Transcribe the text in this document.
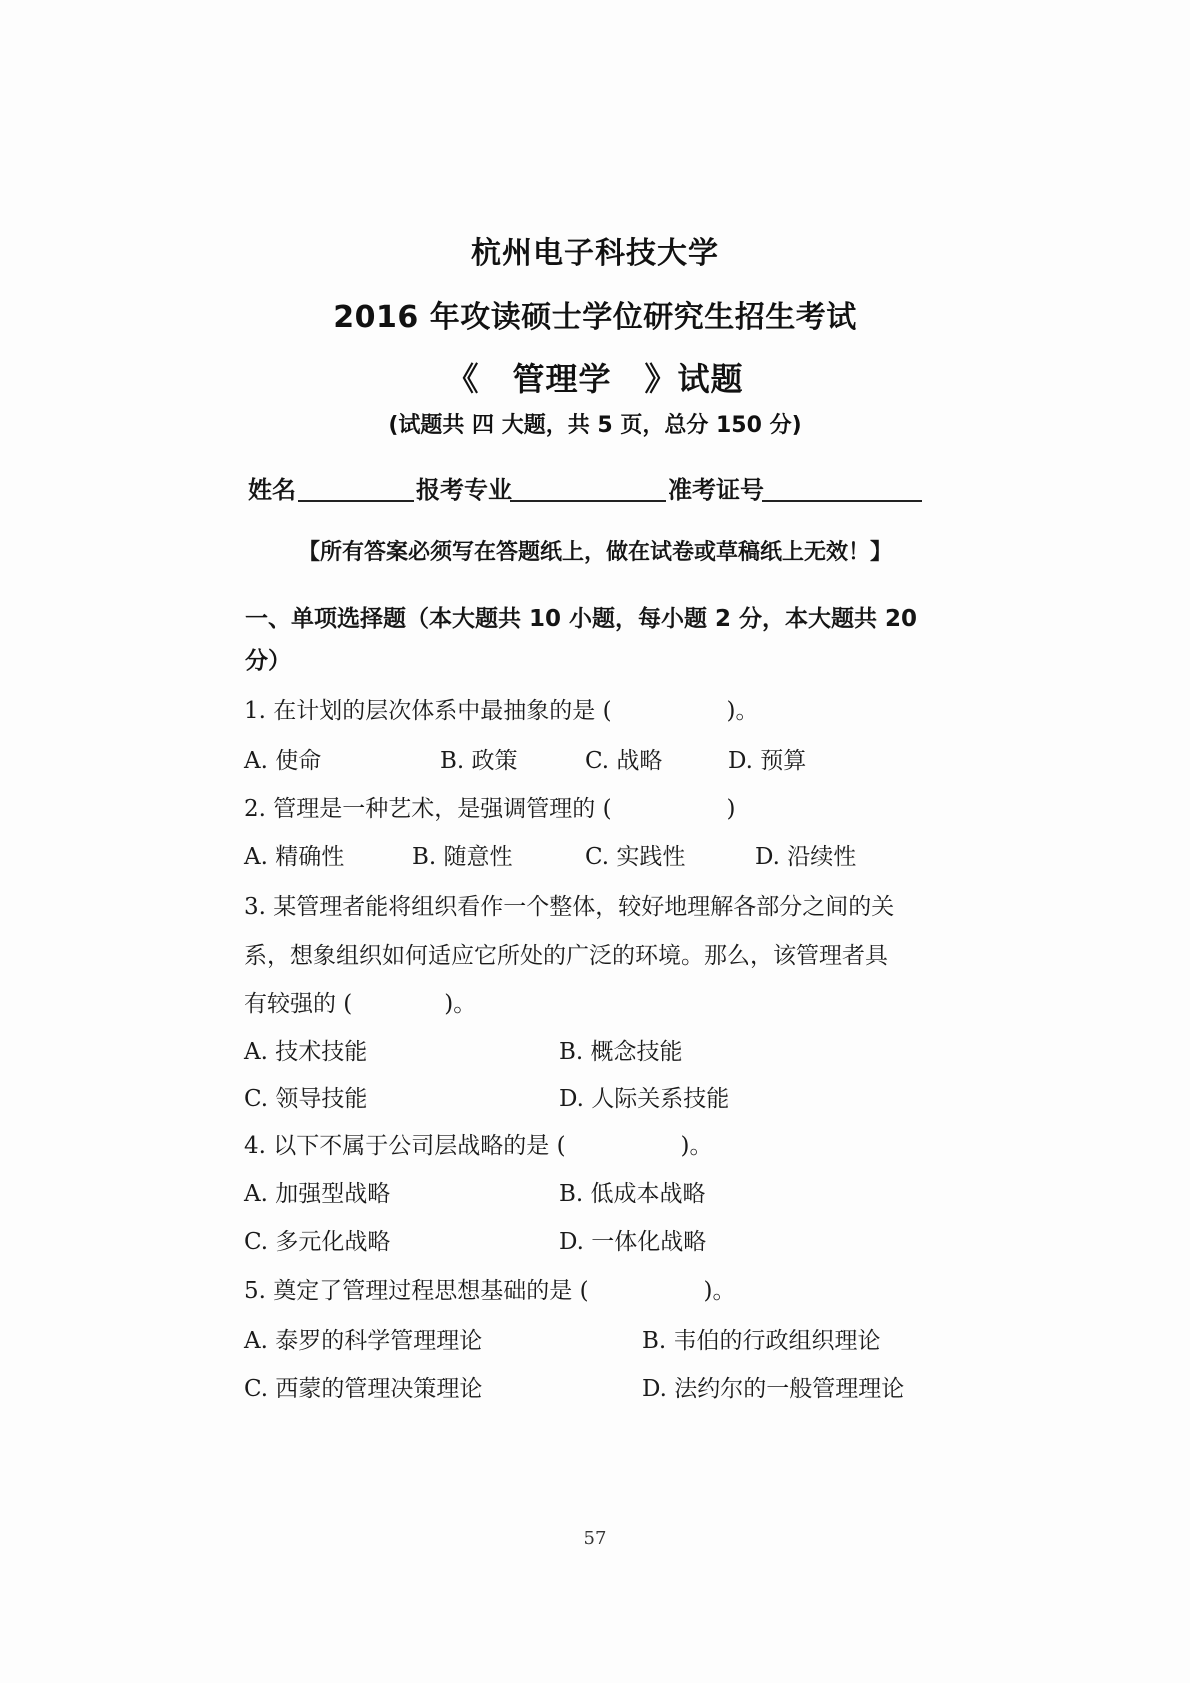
杭州电子科技大学
2016 年攻读硕士学位研究生招生考试
《　管理学　》试题
(试题共 四 大题，共 5 页，总分 150 分)
姓名	报考专业	准考证号
【所有答案必须写在答题纸上，做在试卷或草稿纸上无效！】
一、单项选择题（本大题共 10 小题，每小题 2 分，本大题共 20
分）
1. 在计划的层次体系中最抽象的是 (　　　　　)。
A. 使命	B. 政策	C. 战略	D. 预算
2. 管理是一种艺术，是强调管理的 (　　　　　)
A. 精确性	B. 随意性	C. 实践性	D. 沿续性
3. 某管理者能将组织看作一个整体，较好地理解各部分之间的关
系，想象组织如何适应它所处的广泛的环境。那么，该管理者具
有较强的 (　　　　)。
A. 技术技能	B. 概念技能
C. 领导技能	D. 人际关系技能
4. 以下不属于公司层战略的是 (　　　　　)。
A. 加强型战略	B. 低成本战略
C. 多元化战略	D. 一体化战略
5. 奠定了管理过程思想基础的是 (　　　　　)。
A. 泰罗的科学管理理论	B. 韦伯的行政组织理论
C. 西蒙的管理决策理论	D. 法约尔的一般管理理论
57
